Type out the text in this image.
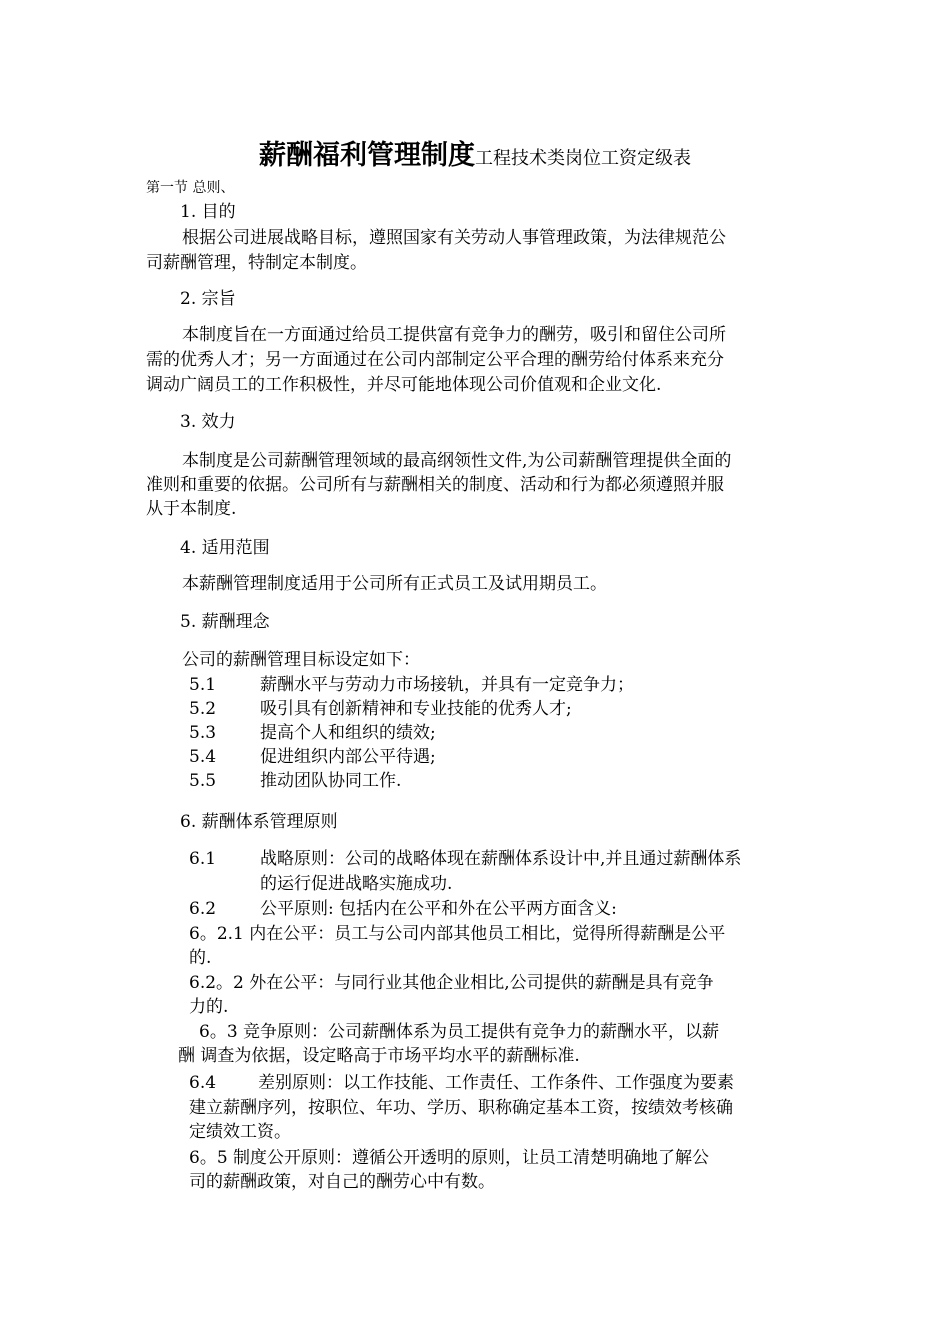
薪酬福利管理制度工程技术类岗位工资定级表
第一节 总则、
1. 目的
根据公司进展战略目标，遵照国家有关劳动人事管理政策，为法律规范公
司薪酬管理，特制定本制度。
2. 宗旨
本制度旨在一方面通过给员工提供富有竞争力的酬劳，吸引和留住公司所
需的优秀人才；另一方面通过在公司内部制定公平合理的酬劳给付体系来充分
调动广阔员工的工作积极性，并尽可能地体现公司价值观和企业文化.
3. 效力
本制度是公司薪酬管理领域的最高纲领性文件,为公司薪酬管理提供全面的
准则和重要的依据。公司所有与薪酬相关的制度、活动和行为都必须遵照并服
从于本制度.
4. 适用范围
本薪酬管理制度适用于公司所有正式员工及试用期员工。
5. 薪酬理念
公司的薪酬管理目标设定如下：
5.1	薪酬水平与劳动力市场接轨，并具有一定竞争力；
5.2	吸引具有创新精神和专业技能的优秀人才;
5.3	提高个人和组织的绩效;
5.4	促进组织内部公平待遇;
5.5	推动团队协同工作.
6. 薪酬体系管理原则
6.1	战略原则：公司的战略体现在薪酬体系设计中,并且通过薪酬体系
的运行促进战略实施成功.
6.2	公平原则: 包括内在公平和外在公平两方面含义:
6。2.1 内在公平：员工与公司内部其他员工相比，觉得所得薪酬是公平
的.
6.2。2 外在公平：与同行业其他企业相比,公司提供的薪酬是具有竞争
力的.
6。3 竞争原则：公司薪酬体系为员工提供有竞争力的薪酬水平，以薪
酬 调查为依据，设定略高于市场平均水平的薪酬标准.
6.4 差别原则：以工作技能、工作责任、工作条件、工作强度为要素
建立薪酬序列，按职位、年功、学历、职称确定基本工资，按绩效考核确
定绩效工资。
6。5 制度公开原则：遵循公开透明的原则，让员工清楚明确地了解公
司的薪酬政策，对自己的酬劳心中有数。
